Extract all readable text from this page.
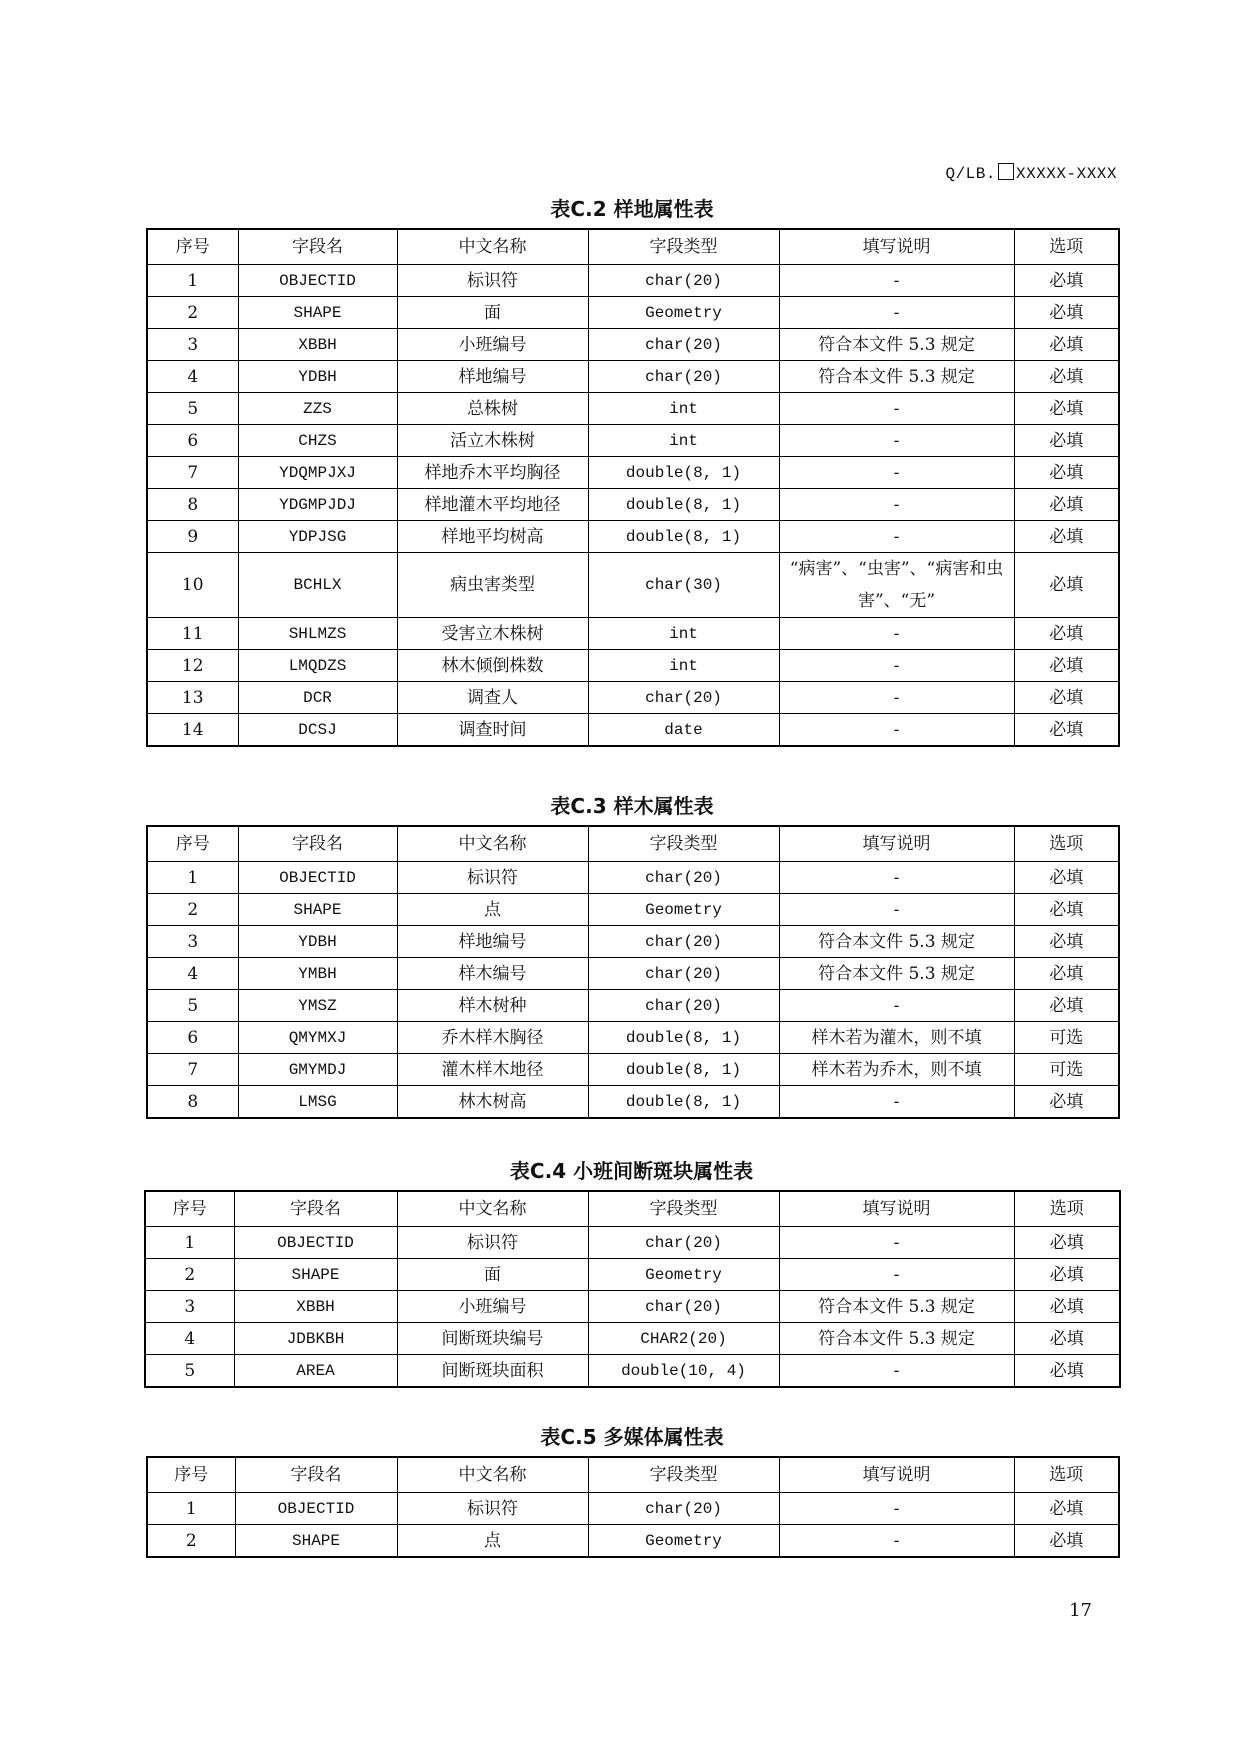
Q/LB. XXXXX-XXXX
表C.2 样地属性表
序号	字段名	中文名称	字段类型	填写说明	选项
1	OBJECTID	标识符	char(20)	-	必填
2	SHAPE	面	Geometry	-	必填
3	XBBH	小班编号	char(20)	符合本文件 5.3 规定	必填
4	YDBH	样地编号	char(20)	符合本文件 5.3 规定	必填
5	ZZS	总株树	int	-	必填
6	CHZS	活立木株树	int	-	必填
7	YDQMPJXJ	样地乔木平均胸径	double(8, 1)	-	必填
8	YDGMPJDJ	样地灌木平均地径	double(8, 1)	-	必填
9	YDPJSG	样地平均树高	double(8, 1)	-	必填
10	BCHLX	病虫害类型	char(30)	“病害”、“虫害”、“病害和虫害”、“无”	必填
11	SHLMZS	受害立木株树	int	-	必填
12	LMQDZS	林木倾倒株数	int	-	必填
13	DCR	调查人	char(20)	-	必填
14	DCSJ	调查时间	date	-	必填
表C.3 样木属性表
序号	字段名	中文名称	字段类型	填写说明	选项
1	OBJECTID	标识符	char(20)	-	必填
2	SHAPE	点	Geometry	-	必填
3	YDBH	样地编号	char(20)	符合本文件 5.3 规定	必填
4	YMBH	样木编号	char(20)	符合本文件 5.3 规定	必填
5	YMSZ	样木树种	char(20)	-	必填
6	QMYMXJ	乔木样木胸径	double(8, 1)	样木若为灌木，则不填	可选
7	GMYMDJ	灌木样木地径	double(8, 1)	样木若为乔木，则不填	可选
8	LMSG	林木树高	double(8, 1)	-	必填
表C.4 小班间断斑块属性表
序号	字段名	中文名称	字段类型	填写说明	选项
1	OBJECTID	标识符	char(20)	-	必填
2	SHAPE	面	Geometry	-	必填
3	XBBH	小班编号	char(20)	符合本文件 5.3 规定	必填
4	JDBKBH	间断斑块编号	CHAR2(20)	符合本文件 5.3 规定	必填
5	AREA	间断斑块面积	double(10, 4)	-	必填
表C.5 多媒体属性表
序号	字段名	中文名称	字段类型	填写说明	选项
1	OBJECTID	标识符	char(20)	-	必填
2	SHAPE	点	Geometry	-	必填
17
